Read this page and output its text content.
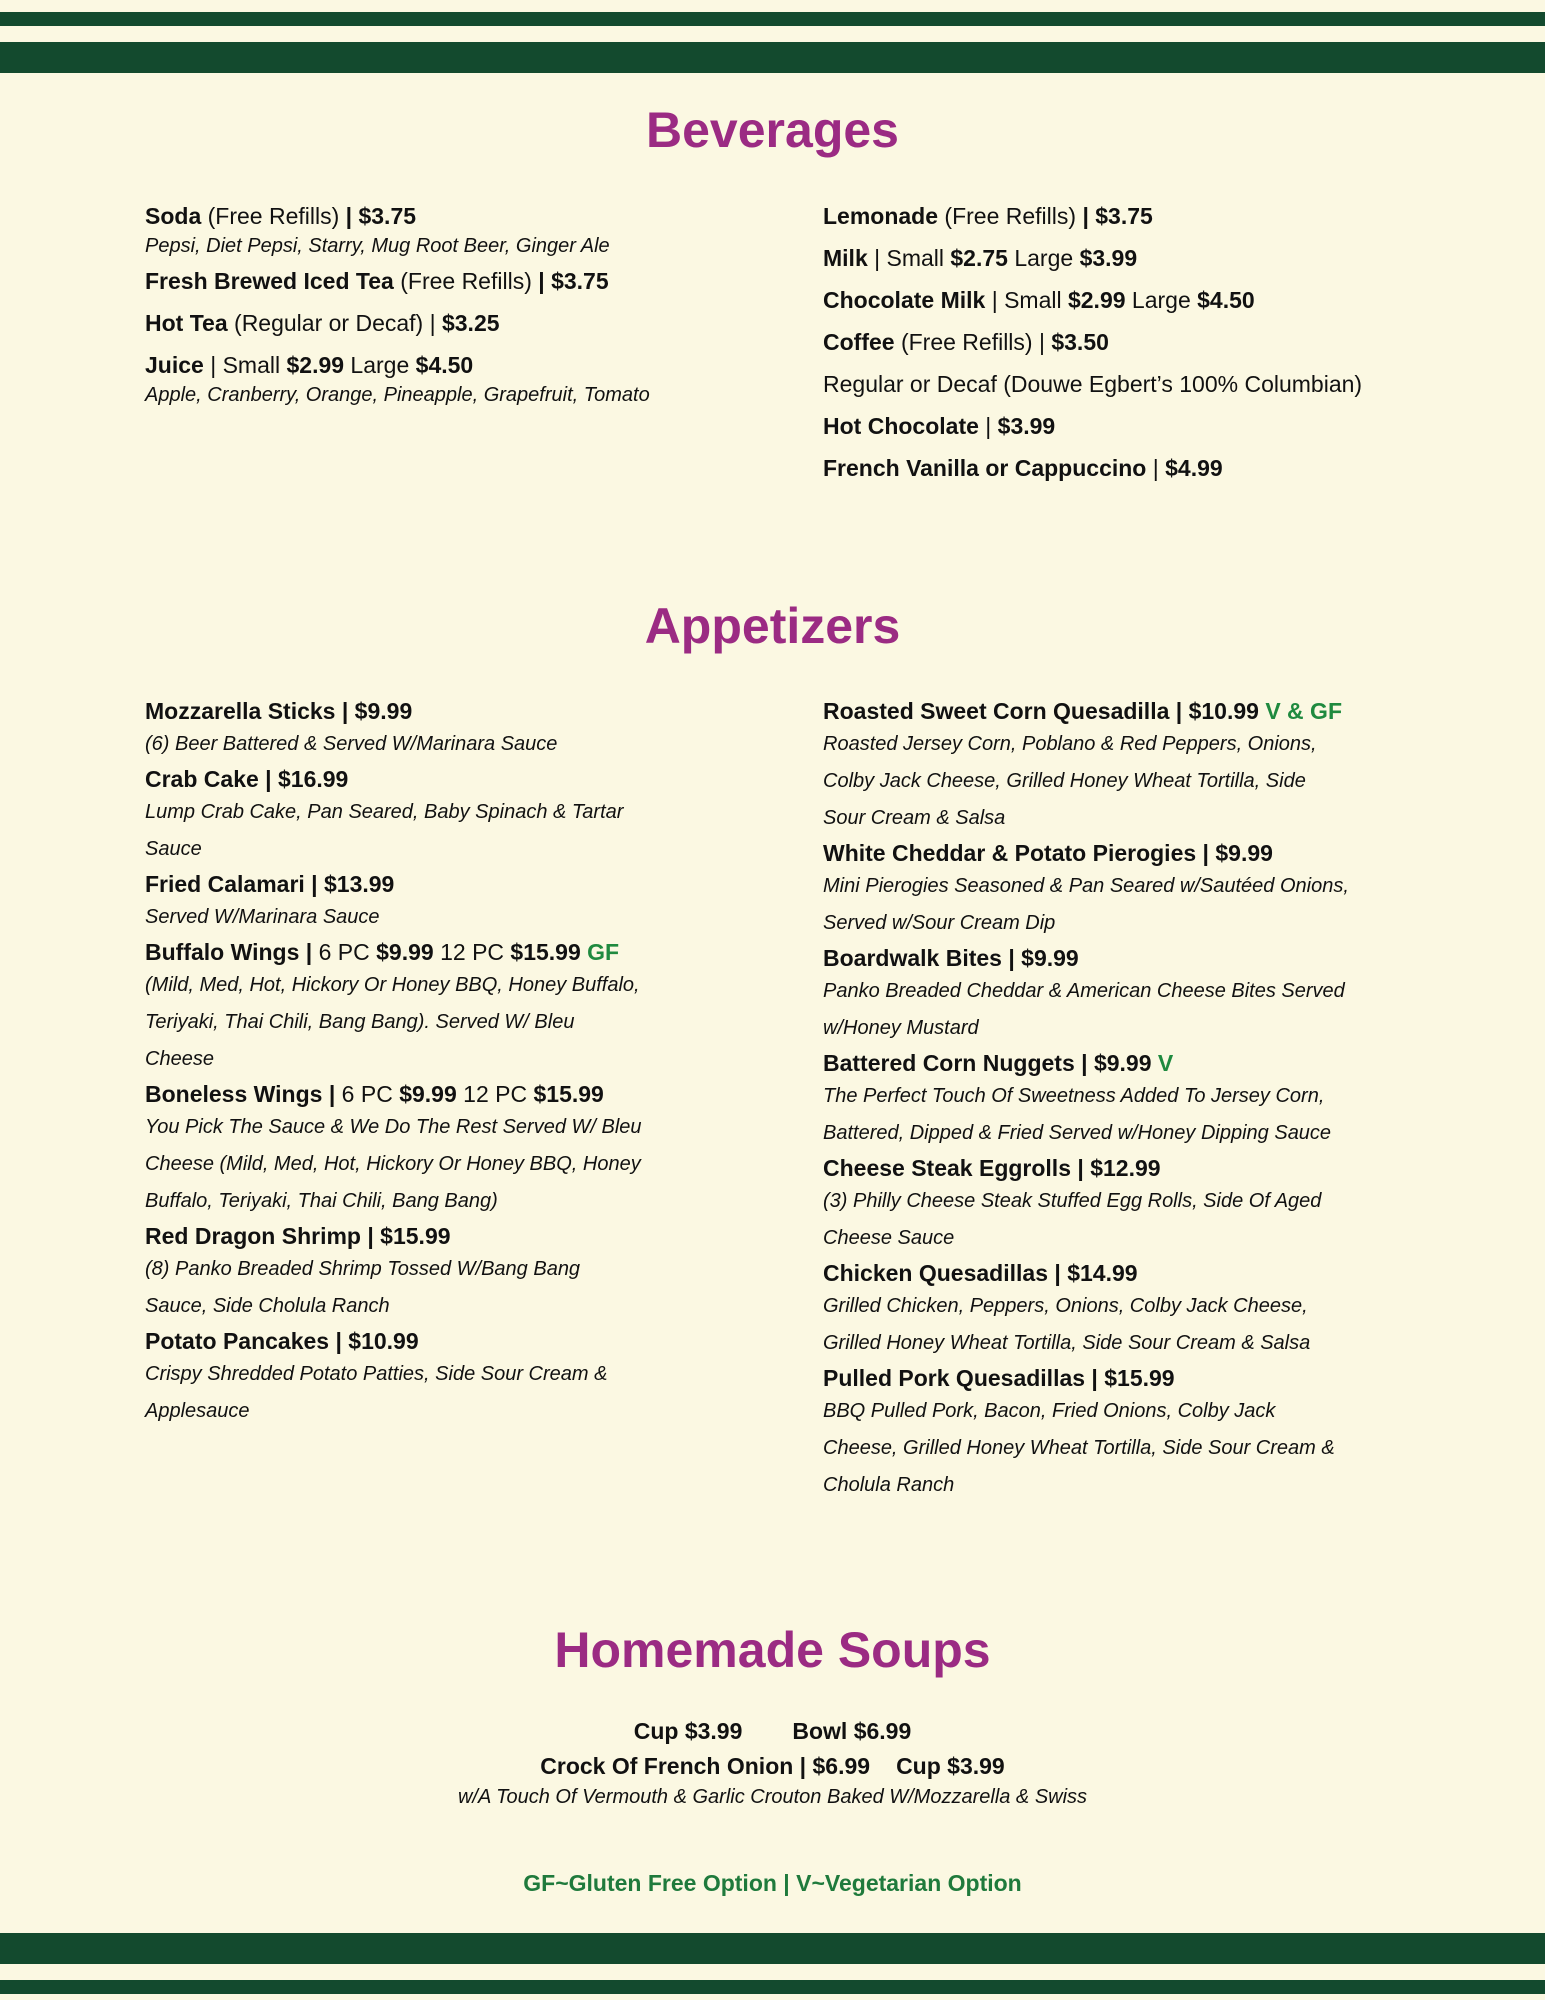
Beverages
Soda (Free Refills) | $3.75
Pepsi, Diet Pepsi, Starry, Mug Root Beer, Ginger Ale
Fresh Brewed Iced Tea (Free Refills) | $3.75
Hot Tea (Regular or Decaf) | $3.25
Juice | Small $2.99 Large $4.50
Apple, Cranberry, Orange, Pineapple, Grapefruit, Tomato
Lemonade (Free Refills) | $3.75
Milk | Small $2.75 Large $3.99
Chocolate Milk | Small $2.99 Large $4.50
Coffee (Free Refills) | $3.50
Regular or Decaf (Douwe Egbert’s 100% Columbian)
Hot Chocolate | $3.99
French Vanilla or Cappuccino | $4.99
Appetizers
Mozzarella Sticks | $9.99
(6) Beer Battered & Served W/Marinara Sauce
Crab Cake | $16.99
Lump Crab Cake, Pan Seared, Baby Spinach & Tartar
Sauce
Fried Calamari | $13.99
Served W/Marinara Sauce
Buffalo Wings | 6 PC $9.99 12 PC $15.99 GF
(Mild, Med, Hot, Hickory Or Honey BBQ, Honey Buffalo,
Teriyaki, Thai Chili, Bang Bang). Served W/ Bleu
Cheese
Boneless Wings | 6 PC $9.99 12 PC $15.99
You Pick The Sauce & We Do The Rest Served W/ Bleu
Cheese (Mild, Med, Hot, Hickory Or Honey BBQ, Honey
Buffalo, Teriyaki, Thai Chili, Bang Bang)
Red Dragon Shrimp | $15.99
(8) Panko Breaded Shrimp Tossed W/Bang Bang
Sauce, Side Cholula Ranch
Potato Pancakes | $10.99
Crispy Shredded Potato Patties, Side Sour Cream &
Applesauce
Roasted Sweet Corn Quesadilla | $10.99 V & GF
Roasted Jersey Corn, Poblano & Red Peppers, Onions,
Colby Jack Cheese, Grilled Honey Wheat Tortilla, Side
Sour Cream & Salsa
White Cheddar & Potato Pierogies | $9.99
Mini Pierogies Seasoned & Pan Seared w/Sautéed Onions,
Served w/Sour Cream Dip
Boardwalk Bites | $9.99
Panko Breaded Cheddar & American Cheese Bites Served
w/Honey Mustard
Battered Corn Nuggets | $9.99 V
The Perfect Touch Of Sweetness Added To Jersey Corn,
Battered, Dipped & Fried Served w/Honey Dipping Sauce
Cheese Steak Eggrolls | $12.99
(3) Philly Cheese Steak Stuffed Egg Rolls, Side Of Aged
Cheese Sauce
Chicken Quesadillas | $14.99
Grilled Chicken, Peppers, Onions, Colby Jack Cheese,
Grilled Honey Wheat Tortilla, Side Sour Cream & Salsa
Pulled Pork Quesadillas | $15.99
BBQ Pulled Pork, Bacon, Fried Onions, Colby Jack
Cheese, Grilled Honey Wheat Tortilla, Side Sour Cream &
Cholula Ranch
Homemade Soups
Cup $3.99 Bowl $6.99
Crock Of French Onion | $6.99 Cup $3.99
w/A Touch Of Vermouth & Garlic Crouton Baked W/Mozzarella & Swiss
GF~Gluten Free Option | V~Vegetarian Option
